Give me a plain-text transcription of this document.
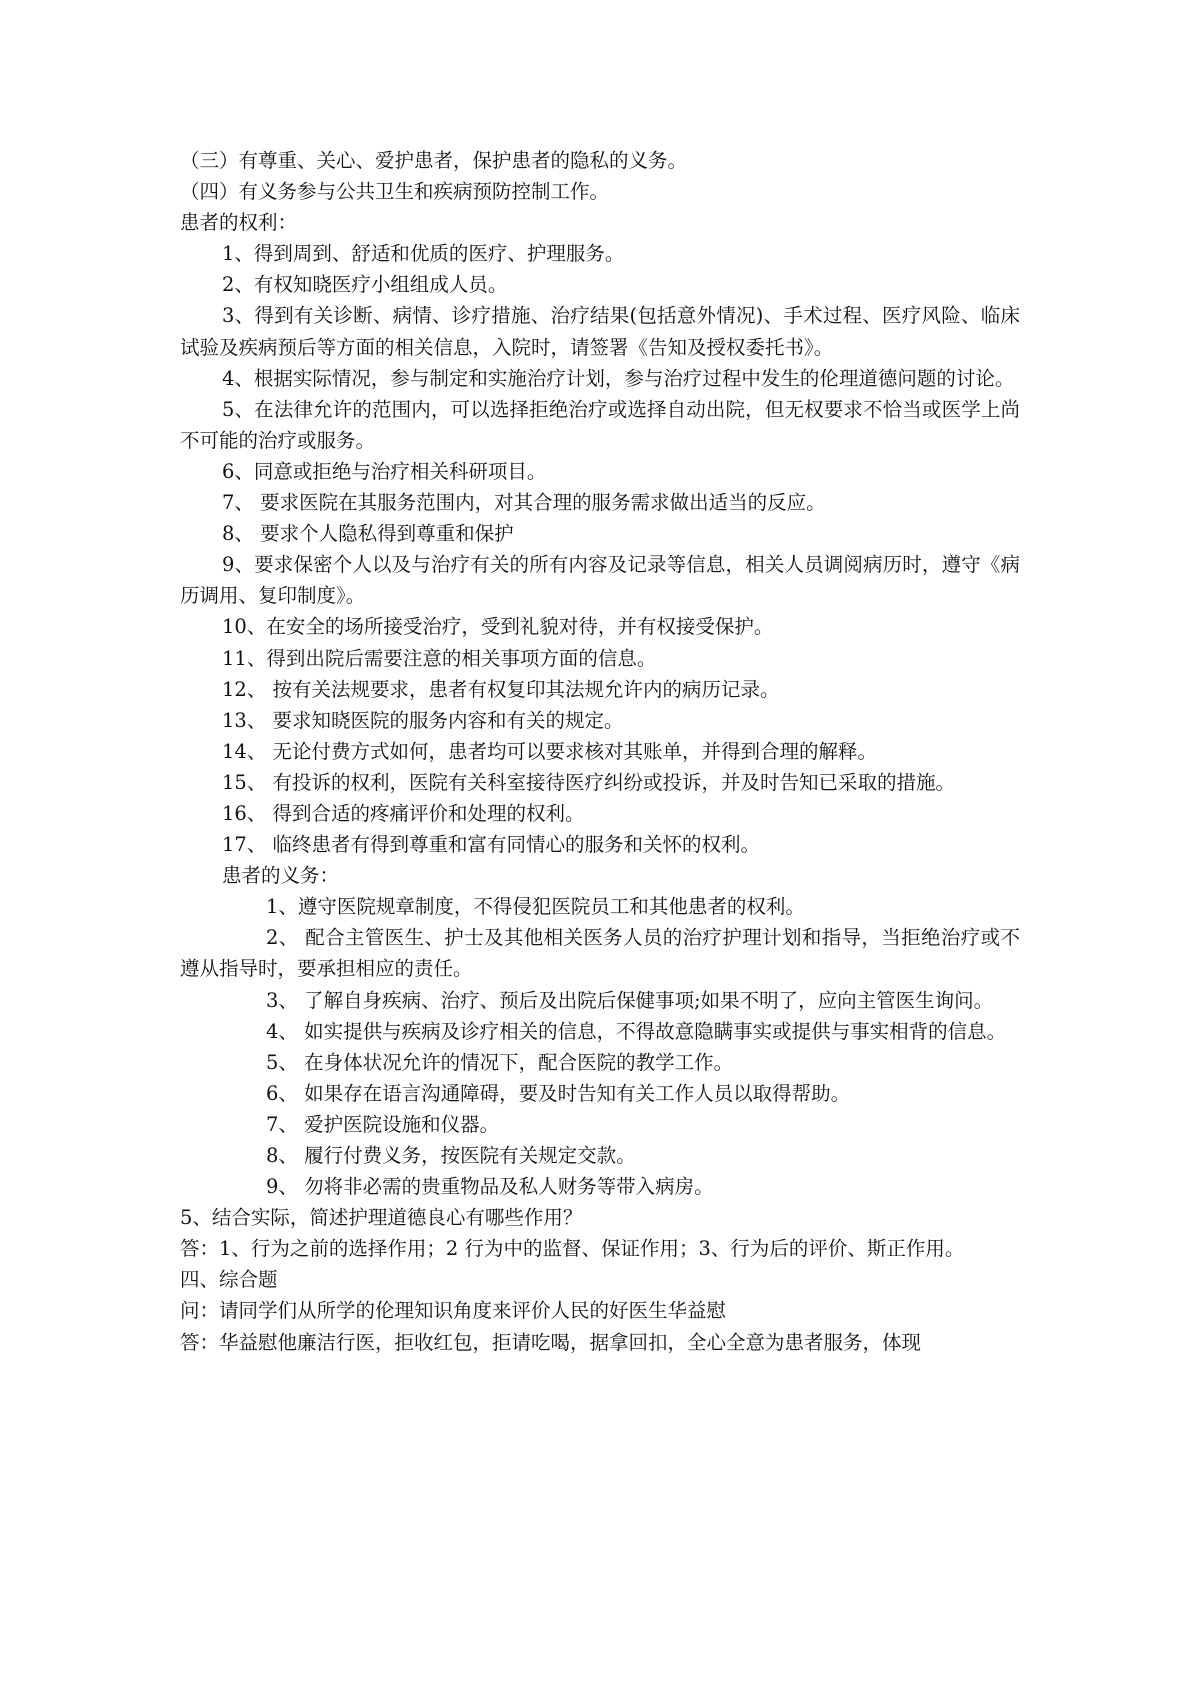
（三）有尊重、关心、爱护患者，保护患者的隐私的义务。

（四）有义务参与公共卫生和疾病预防控制工作。

患者的权利：

1、得到周到、舒适和优质的医疗、护理服务。

2、有权知晓医疗小组组成人员。

3、得到有关诊断、病情、诊疗措施、治疗结果(包括意外情况)、手术过程、医疗风险、临床试验及疾病预后等方面的相关信息，入院时，请签署《告知及授权委托书》。

4、根据实际情况，参与制定和实施治疗计划，参与治疗过程中发生的伦理道德问题的讨论。

5、在法律允许的范围内，可以选择拒绝治疗或选择自动出院，但无权要求不恰当或医学上尚不可能的治疗或服务。

6、同意或拒绝与治疗相关科研项目。

7、 要求医院在其服务范围内，对其合理的服务需求做出适当的反应。

8、 要求个人隐私得到尊重和保护

9、要求保密个人以及与治疗有关的所有内容及记录等信息，相关人员调阅病历时，遵守《病历调用、复印制度》。

10、在安全的场所接受治疗，受到礼貌对待，并有权接受保护。

11、得到出院后需要注意的相关事项方面的信息。

12、 按有关法规要求，患者有权复印其法规允许内的病历记录。

13、 要求知晓医院的服务内容和有关的规定。

14、 无论付费方式如何，患者均可以要求核对其账单，并得到合理的解释。

15、 有投诉的权利，医院有关科室接待医疗纠纷或投诉，并及时告知已采取的措施。

16、 得到合适的疼痛评价和处理的权利。

17、 临终患者有得到尊重和富有同情心的服务和关怀的权利。

患者的义务：

1、遵守医院规章制度，不得侵犯医院员工和其他患者的权利。

2、 配合主管医生、护士及其他相关医务人员的治疗护理计划和指导，当拒绝治疗或不遵从指导时，要承担相应的责任。

3、 了解自身疾病、治疗、预后及出院后保健事项;如果不明了，应向主管医生询问。

4、 如实提供与疾病及诊疗相关的信息，不得故意隐瞒事实或提供与事实相背的信息。

5、 在身体状况允许的情况下，配合医院的教学工作。

6、 如果存在语言沟通障碍，要及时告知有关工作人员以取得帮助。

7、 爱护医院设施和仪器。

8、 履行付费义务，按医院有关规定交款。

9、 勿将非必需的贵重物品及私人财务等带入病房。

5、结合实际，简述护理道德良心有哪些作用？

答：1、行为之前的选择作用；2 行为中的监督、保证作用；3、行为后的评价、斯正作用。

四、综合题

问：请同学们从所学的伦理知识角度来评价人民的好医生华益慰

答：华益慰他廉洁行医，拒收红包，拒请吃喝，据拿回扣，全心全意为患者服务，体现
